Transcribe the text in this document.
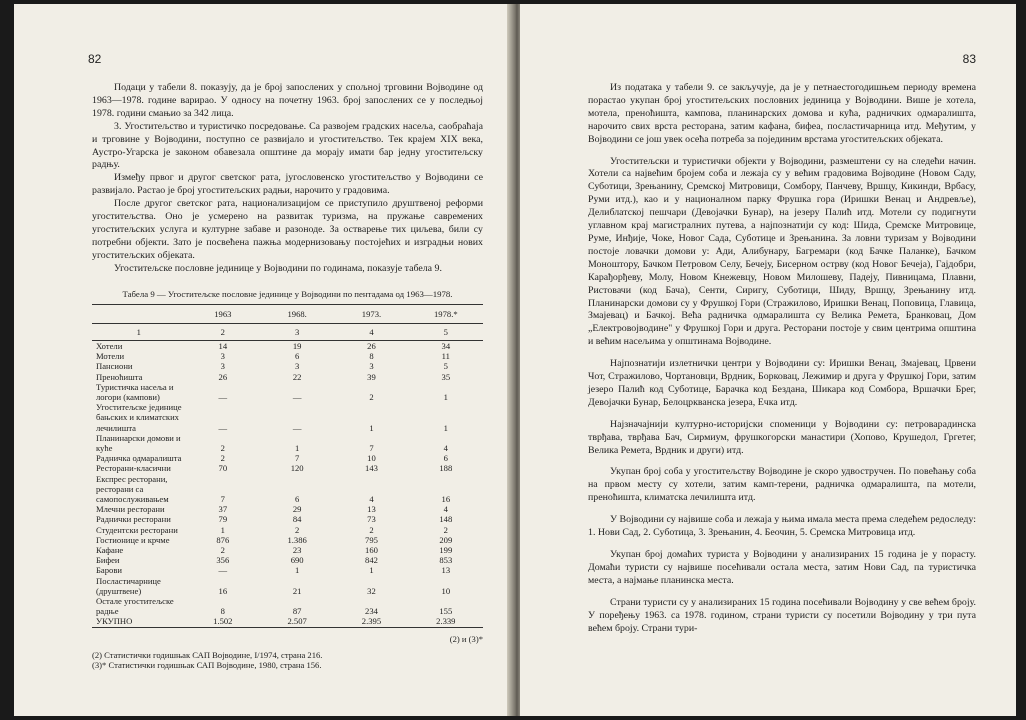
82

Подаци у табели 8. показују, да је број запослених у спољној трговини Војводине од 1963—1978. године варирао. У односу на почетну 1963. број запослених се у последњој 1978. години смањио за 342 лица.

3. Угоститељство и туристичко посредовање. Са развојем градских насеља, саобраћаја и трговине у Војводини, поступно се развијало и угоститељство. Тек крајем XIX века, Аустро-Угарска је законом обавезала општине да морају имати бар једну угоститељску радњу.

Између првог и другог светског рата, југословенско угоститељство у Војводини се развијало. Растао је број угоститељских радњи, нарочито у градовима.

После другог светског рата, национализацијом се приступило друштвеној реформи угоститељства. Оно је усмерено на развитак туризма, на пружање савремених угоститељских услуга и културне забаве и разоноде. За остварење тих циљева, били су потребни објекти. Зато је посвећена пажња модернизовању постојећих и изградњи нових угоститељских објеката.

Угоститељске пословне јединице у Војводини по годинама, показује табела 9.

Табела 9 — Угоститељске пословне јединице у Војводини по пентадама од 1963—1978.
	1963	1968.	1973.	1978.*
1	2	3	4	5
Хотели	14	19	26	34
Мотели	3	6	8	11
Пансиони	3	3	3	5
Преноћишта	26	22	39	35
Туристичка насеља и логори (кампови)	—	—	2	1
Угоститељске јединице бањских и климатских лечилишта	—	—	1	1
Планинарски домови и куће	2	1	7	4
Радничка одмаралишта	2	7	10	6
Ресторани-класични	70	120	143	188
Експрес ресторани, ресторани са самопослуживањем	7	6	4	16
Млечни ресторани	37	29	13	4
Раднички ресторани	79	84	73	148
Студентски ресторани	1	2	2	2
Гостионице и крчме	876	1.386	795	209
Кафане	2	23	160	199
Бифеи	356	690	842	853
Барови	—	1	1	13
Посластичарнице (друштвене)	16	21	32	10
Остале угоститељске радње	8	87	234	155
УКУПНО	1.502	2.507	2.395	2.339
(2) и (3)*
(2) Статистички годишњак САП Војводине, I/1974, страна 216.
(3)* Статистички годишњак САП Војводине, 1980, страна 156.
83

Из података у табели 9. се закључује, да је у петнаестогодишњем периоду времена порастао укупан број угоститељских пословних јединица у Војводини. Више је хотела, мотела, преноћишта, кампова, планинарских домова и кућа, радничких одмаралишта, нарочито свих врста ресторана, затим кафана, бифеа, посластичарница итд. Међутим, у Војводини се још увек осећа потреба за појединим врстама угоститељских објеката.

Угоститељски и туристички објекти у Војводини, размештени су на следећи начин. Хотели са највећим бројем соба и лежаја су у већим градовима Војводине (Новом Саду, Суботици, Зрењанину, Сремској Митровици, Сомбору, Панчеву, Вршцу, Кикинди, Врбасу, Руми итд.), као и у националном парку Фрушка гора (Иришки Венац и Андревље), Делиблатској пешчари (Девојачки Бунар), на језеру Палић итд. Мотели су подигнути углавном крај магистралних путева, а најпознатији су код: Шида, Сремске Митровице, Руме, Инђије, Чоке, Новог Сада, Суботице и Зрењанина. За ловни туризам у Војводини постоје ловачки домови у: Ади, Алибунару, Багремари (код Бачке Паланке), Бачком Моноштору, Бачком Петровом Селу, Бечеју, Бисерном острву (код Новог Бечеја), Гајдобри, Карађорђеву, Молу, Новом Кнежевцу, Новом Милошеву, Падеју, Пивницама, Плавни, Ристовачи (код Бача), Сенти, Сиригу, Суботици, Шиду, Вршцу, Зрењанину итд. Планинарски домови су у Фрушкој Гори (Стражилово, Иришки Венац, Поповица, Главица, Змајевац) и Бачкој. Већа радничка одмаралишта су Велика Ремета, Бранковац, Дом „Електровојводине" у Фрушкој Гори и друга. Ресторани постоје у свим центрима општина и већим насељима у општинама Војводине.

Најпознатији излетнички центри у Војводини су: Иришки Венац, Змајевац, Црвени Чот, Стражилово, Чортановци, Врдник, Борковац, Лежимир и друга у Фрушкој Гори, затим језеро Палић код Суботице, Барачка код Бездана, Шикара код Сомбора, Вршачки Брег, Девојачки Бунар, Белоцркванска језера, Ечка итд.

Најзначајнији културно-историјски споменици у Војводини су: петроварадинска тврђава, тврђава Бач, Сирмиум, фрушкогорски манастири (Хопово, Крушедол, Гргетег, Велика Ремета, Врдник и други) итд.

Укупан број соба у угоститељству Војводине је скоро удвостручен. По повећању соба на првом месту су хотели, затим камп-терени, радничка одмаралишта, па мотели, преноћишта, климатска лечилишта итд.

У Војводини су највише соба и лежаја у њима имала места према следећем редоследу: 1. Нови Сад, 2. Суботица, 3. Зрењанин, 4. Беочин, 5. Сремска Митровица итд.

Укупан број домаћих туриста у Војводини у анализираних 15 година је у порасту. Домаћи туристи су највише посећивали остала места, затим Нови Сад, па туристичка места, а најмање планинска места.

Страни туристи су у анализираних 15 година посећивали Војводину у све већем броју. У поређењу 1963. са 1978. годином, страни туристи су посетили Војводину у три пута већем броју. Страни тури-
